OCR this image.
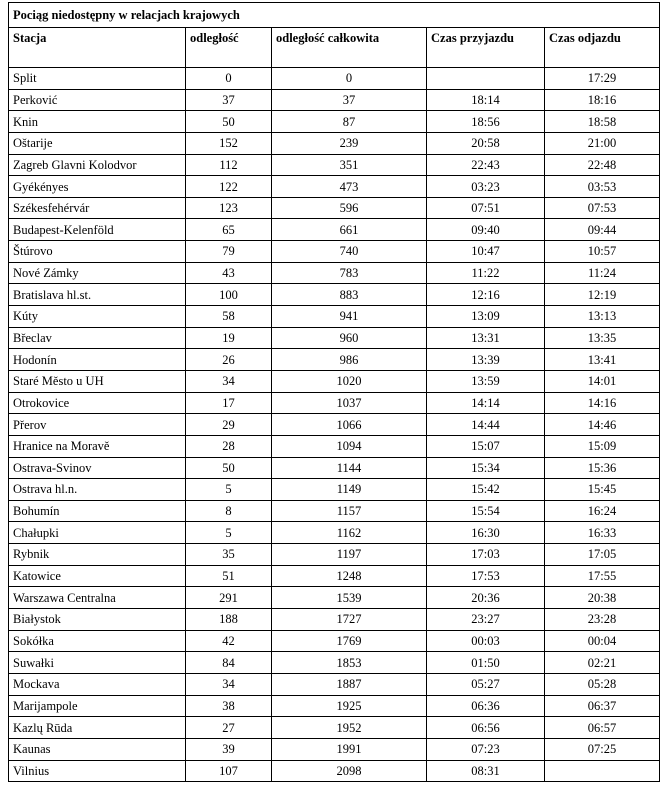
Pociąg niedostępny w relacjach krajowych				
Stacja	odległość	odległość całkowita	Czas przyjazdu	Czas odjazdu
Split	0	0		17:29
Perković	37	37	18:14	18:16
Knin	50	87	18:56	18:58
Oštarije	152	239	20:58	21:00
Zagreb Glavni Kolodvor	112	351	22:43	22:48
Gyékényes	122	473	03:23	03:53
Székesfehérvár	123	596	07:51	07:53
Budapest-Kelenföld	65	661	09:40	09:44
Štúrovo	79	740	10:47	10:57
Nové Zámky	43	783	11:22	11:24
Bratislava hl.st.	100	883	12:16	12:19
Kúty	58	941	13:09	13:13
Břeclav	19	960	13:31	13:35
Hodonín	26	986	13:39	13:41
Staré Město u UH	34	1020	13:59	14:01
Otrokovice	17	1037	14:14	14:16
Přerov	29	1066	14:44	14:46
Hranice na Moravě	28	1094	15:07	15:09
Ostrava-Svinov	50	1144	15:34	15:36
Ostrava hl.n.	5	1149	15:42	15:45
Bohumín	8	1157	15:54	16:24
Chałupki	5	1162	16:30	16:33
Rybnik	35	1197	17:03	17:05
Katowice	51	1248	17:53	17:55
Warszawa Centralna	291	1539	20:36	20:38
Białystok	188	1727	23:27	23:28
Sokółka	42	1769	00:03	00:04
Suwałki	84	1853	01:50	02:21
Mockava	34	1887	05:27	05:28
Marijampole	38	1925	06:36	06:37
Kazlų Rūda	27	1952	06:56	06:57
Kaunas	39	1991	07:23	07:25
Vilnius	107	2098	08:31	
